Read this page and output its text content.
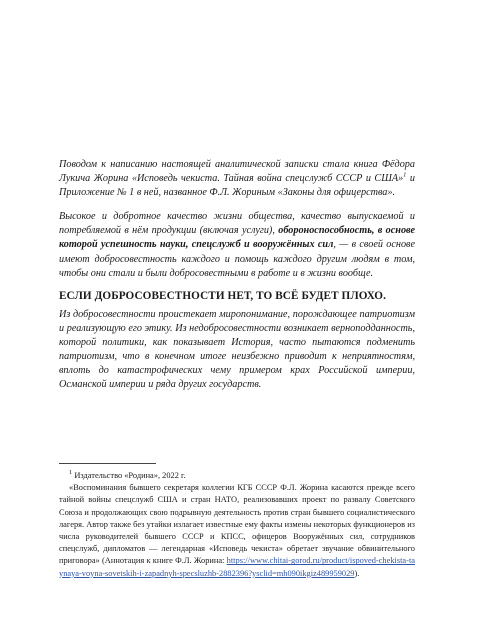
Поводом к написанию настоящей аналитической записки стала книга Фёдора Лукича Жорина «Исповедь чекиста. Тайная война спецслужб СССР и США»$^1$ и Приложение № 1 в ней, названное Ф.Л. Жориным «Законы для офицерства».

Высокое и добротное качество жизни общества, качество выпускаемой и потребляемой в нём продукции (включая услуги), обороноспособность, в основе которой успешность науки, спецслужб и вооружённых сил, — в своей основе имеют добросовестность каждого и помощь каждого другим людям в том, чтобы они стали и были добросовестными в работе и в жизни вообще.

ЕСЛИ ДОБРОСОВЕСТНОСТИ НЕТ, ТО ВСЁ БУДЕТ ПЛОХО.

Из добросовестности проистекает миропонимание, порождающее патриотизм и реализующую его этику. Из недобросовестности возникает верноподданность, которой политики, как показывает История, часто пытаются подменить патриотизм, что в конечном итоге неизбежно приводит к неприятностям, вплоть до катастрофических чему примером крах Российской империи, Османской империи и ряда других государств.

$^1$ Издательство «Родина», 2022 г.

«Воспоминания бывшего секретаря коллегии КГБ СССР Ф.Л. Жорина касаются прежде всего тайной войны спецслужб США и стран НАТО, реализовавших проект по развалу Советского Союза и продолжающих свою подрывную деятельность против стран бывшего социалистического лагеря. Автор также без утайки излагает известные ему факты измены некоторых функционеров из числа руководителей бывшего СССР и КПСС, офицеров Вооружённых сил, сотрудников спецслужб, дипломатов — легендарная «Исповедь чекиста» обретает звучание обвинительного приговора» (Аннотация к книге Ф.Л. Жорина: https://www.chitai-gorod.ru/product/ispoved-chekista-taynaya-voyna-sovetskih-i-zapadnyh-specsluzhb-2882396?ysclid=mh090ikgiz489959029).
